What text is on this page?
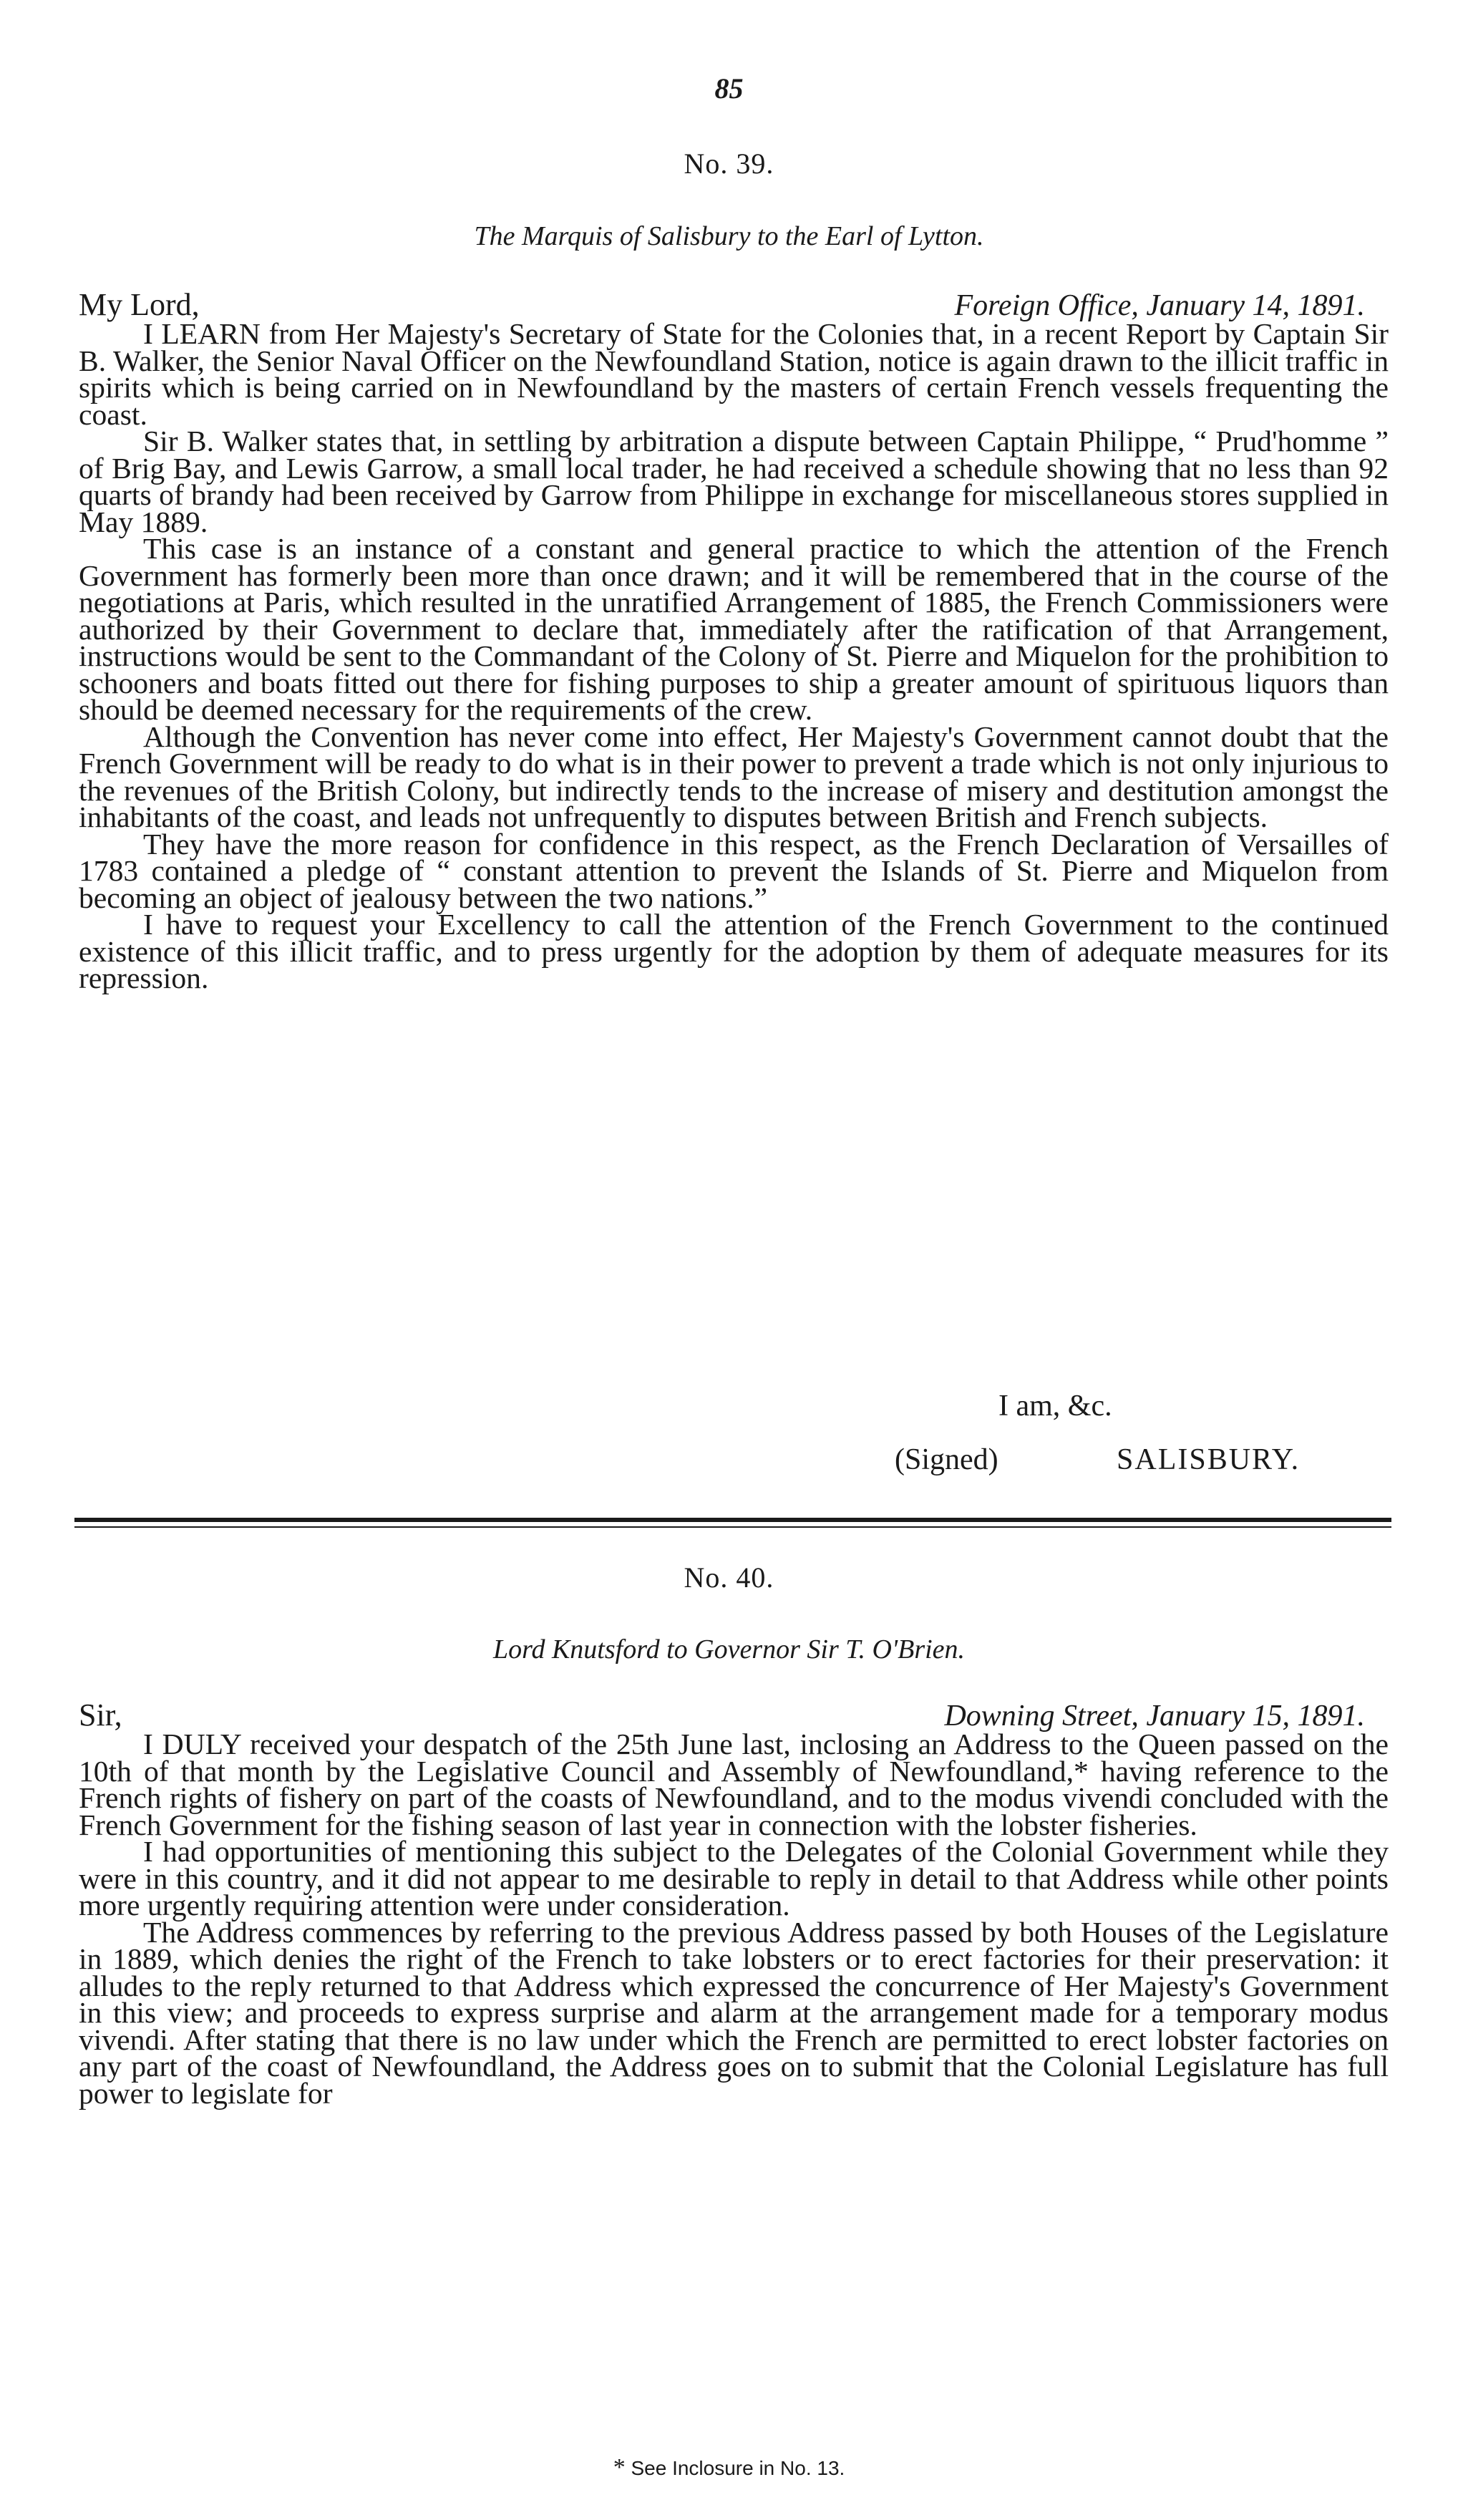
85
No. 39.
The Marquis of Salisbury to the Earl of Lytton.
My Lord,	Foreign Office, January 14, 1891.

I LEARN from Her Majesty's Secretary of State for the Colonies that, in a recent Report by Captain Sir B. Walker, the Senior Naval Officer on the Newfoundland Station, notice is again drawn to the illicit traffic in spirits which is being carried on in Newfoundland by the masters of certain French vessels frequenting the coast.

Sir B. Walker states that, in settling by arbitration a dispute between Captain Philippe, “ Prud'homme ” of Brig Bay, and Lewis Garrow, a small local trader, he had received a schedule showing that no less than 92 quarts of brandy had been received by Garrow from Philippe in exchange for miscellaneous stores supplied in May 1889.

This case is an instance of a constant and general practice to which the attention of the French Government has formerly been more than once drawn; and it will be remembered that in the course of the negotiations at Paris, which resulted in the unratified Arrangement of 1885, the French Commissioners were authorized by their Government to declare that, immediately after the ratification of that Arrangement, instructions would be sent to the Commandant of the Colony of St. Pierre and Miquelon for the prohibition to schooners and boats fitted out there for fishing purposes to ship a greater amount of spirituous liquors than should be deemed necessary for the requirements of the crew.

Although the Convention has never come into effect, Her Majesty's Government cannot doubt that the French Government will be ready to do what is in their power to prevent a trade which is not only injurious to the revenues of the British Colony, but indirectly tends to the increase of misery and destitution amongst the inhabitants of the coast, and leads not unfrequently to disputes between British and French subjects.

They have the more reason for confidence in this respect, as the French Declaration of Versailles of 1783 contained a pledge of “ constant attention to prevent the Islands of St. Pierre and Miquelon from becoming an object of jealousy between the two nations.”

I have to request your Excellency to call the attention of the French Government to the continued existence of this illicit traffic, and to press urgently for the adoption by them of adequate measures for its repression.

I am, &c.
(Signed)	SALISBURY.
No. 40.
Lord Knutsford to Governor Sir T. O'Brien.
Sir,	Downing Street, January 15, 1891.

I DULY received your despatch of the 25th June last, inclosing an Address to the Queen passed on the 10th of that month by the Legislative Council and Assembly of Newfoundland,* having reference to the French rights of fishery on part of the coasts of Newfoundland, and to the modus vivendi concluded with the French Government for the fishing season of last year in connection with the lobster fisheries.

I had opportunities of mentioning this subject to the Delegates of the Colonial Government while they were in this country, and it did not appear to me desirable to reply in detail to that Address while other points more urgently requiring attention were under consideration.

The Address commences by referring to the previous Address passed by both Houses of the Legislature in 1889, which denies the right of the French to take lobsters or to erect factories for their preservation: it alludes to the reply returned to that Address which expressed the concurrence of Her Majesty's Government in this view; and proceeds to express surprise and alarm at the arrangement made for a temporary modus vivendi. After stating that there is no law under which the French are permitted to erect lobster factories on any part of the coast of Newfoundland, the Address goes on to submit that the Colonial Legislature has full power to legislate for

* See Inclosure in No. 13.
